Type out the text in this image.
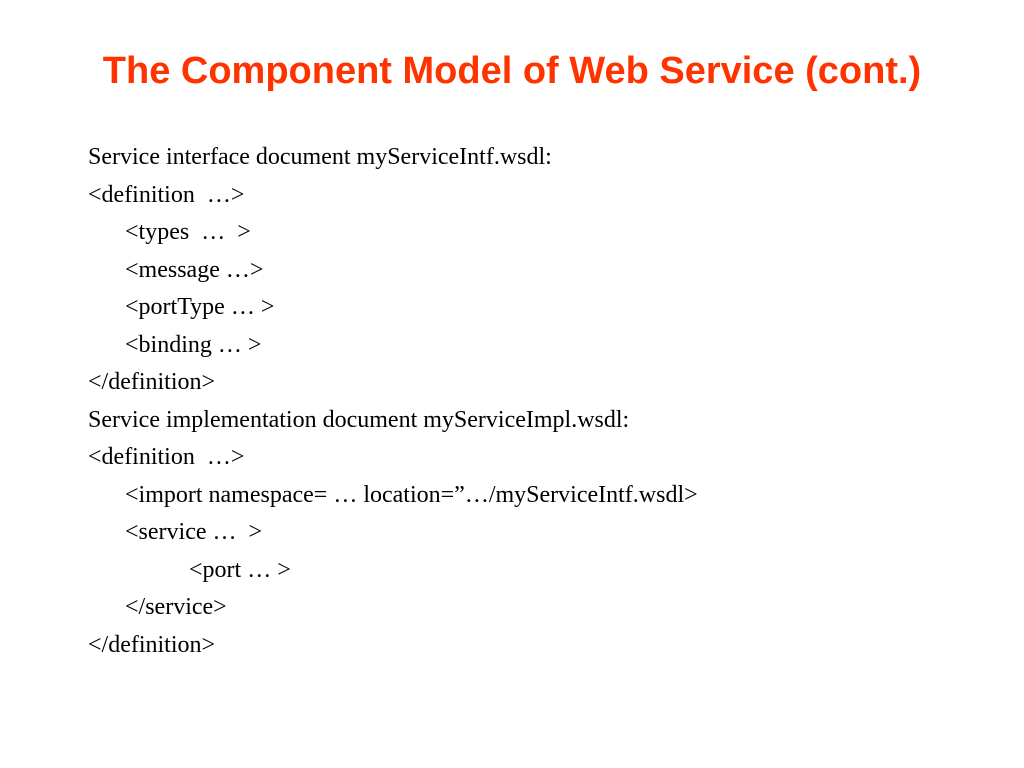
The Component Model of Web Service (cont.)
Service interface document myServiceIntf.wsdl:
<definition  …>
<types  …  >
<message …>
<portType … >
<binding … >
</definition>
Service implementation document myServiceImpl.wsdl:
<definition  …>
<import namespace= … location=”…/myServiceIntf.wsdl>
<service …  >
<port … >
</service>
</definition>
